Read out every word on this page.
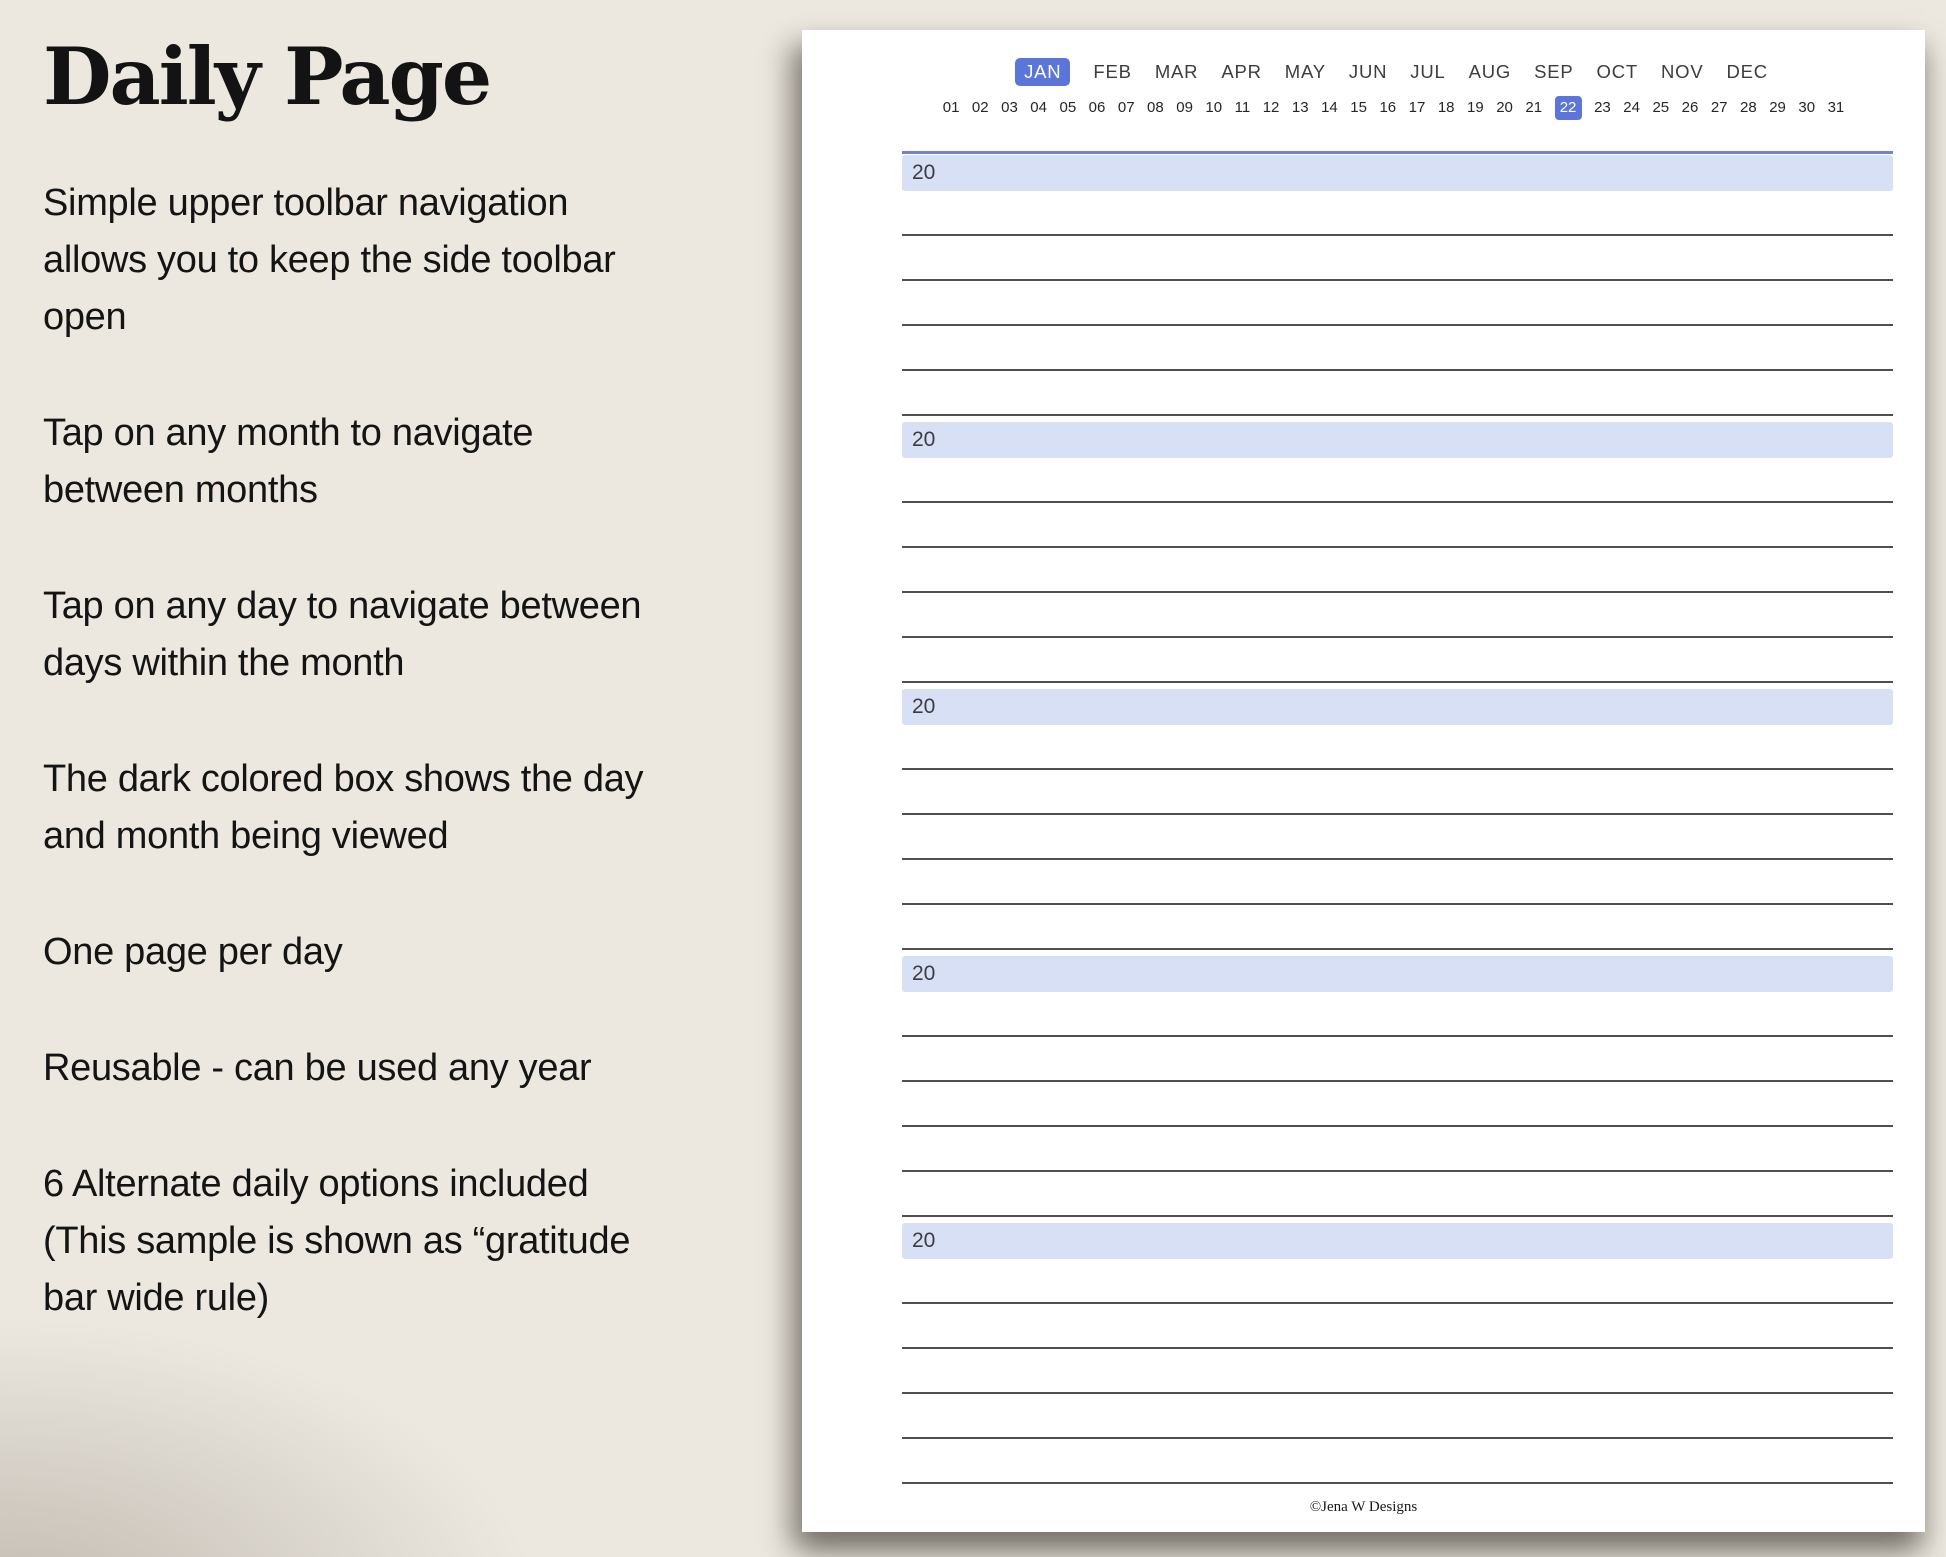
Daily Page

Simple upper toolbar navigation allows you to keep the side toolbar open

Tap on any month to navigate between months

Tap on any day to navigate between days within the month

The dark colored box shows the day and month being viewed

One page per day

Reusable - can be used any year

6 Alternate daily options included (This sample is shown as “gratitude bar wide rule)

JAN	FEB MAR APR MAY JUN JUL AUG SEP OCT NOV DEC
01 02 03 04 05 06 07 08 09 10 11 12 13 14 15 16 17 18 19 20 21	22	23 24 25 26 27 28 29 30 31
20
20
20
20
20
©Jena W Designs
